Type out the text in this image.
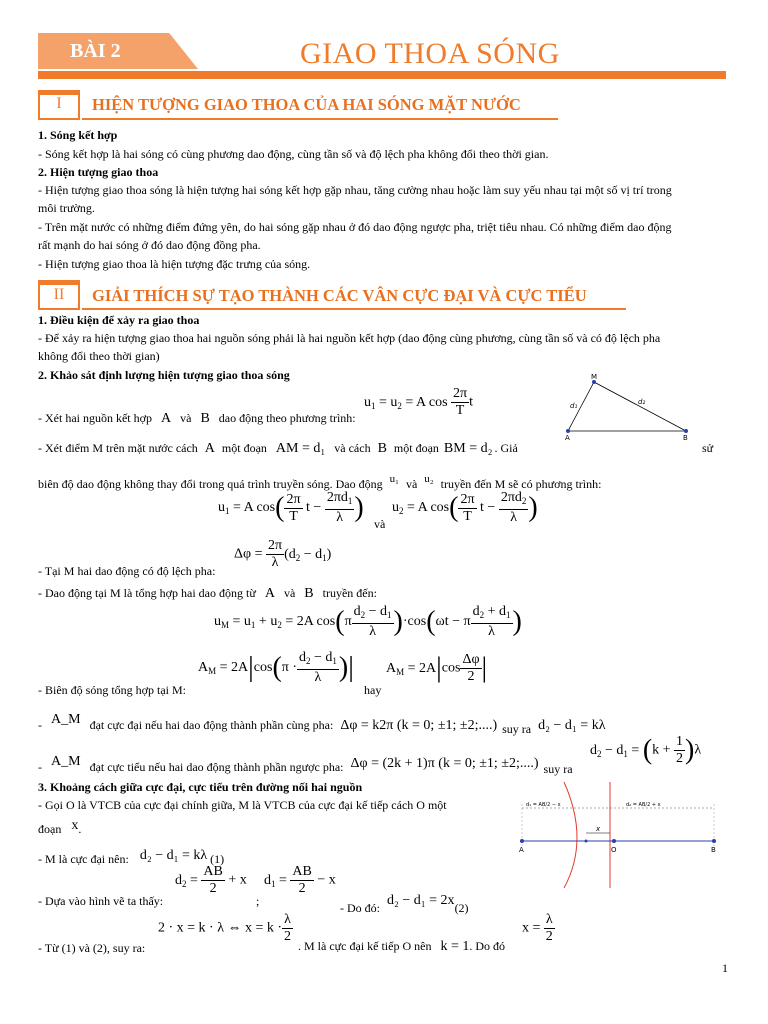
BÀI 2	GIAO THOA SÓNG
I	HIỆN TƯỢNG GIAO THOA CỦA HAI SÓNG MẶT NƯỚC
1. Sóng kết hợp
- Sóng kết hợp là hai sóng có cùng phương dao động, cùng tần số và độ lệch pha không đổi theo thời gian.
2. Hiện tượng giao thoa
- Hiện tượng giao thoa sóng là hiện tượng hai sóng kết hợp gặp nhau, tăng cường nhau hoặc làm suy yếu nhau tại một số vị trí trong
môi trường.
- Trên mặt nước có những điểm đứng yên, do hai sóng gặp nhau ở đó dao động ngược pha, triệt tiêu nhau. Có những điểm dao động
rất mạnh do hai sóng ở đó dao động đồng pha.
- Hiện tượng giao thoa là hiện tượng đặc trưng của sóng.
II	GIẢI THÍCH SỰ TẠO THÀNH CÁC VÂN CỰC ĐẠI VÀ CỰC TIỂU
1. Điều kiện để xảy ra giao thoa
- Để xảy ra hiện tượng giao thoa hai nguồn sóng phải là hai nguồn kết hợp (dao động cùng phương, cùng tần số và có độ lệch pha
không đổi theo thời gian)
2. Khảo sát định lượng hiện tượng giao thoa sóng
$u_1 = u_2 = A$ $\cos \frac{2\pi}{T}$ t
- Xét hai nguồn kết hợp A và B dao động theo phương trình:
M
A	B
d₁	d₂
- Xét điểm M trên mặt nước cách A một đoạn AM = d₁ và cách B một đoạn BM = d₂ . Giả	sử
biên độ dao động không thay đổi trong quá trình truyền sóng. Dao động u₁ và u₂ truyền đến M sẽ có phương trình:
$u_1 = A$ $\cos( \frac{2\pi}{T}$ $t - \frac{2\pi d_1}{\lambda}$ )
và
$u_2 = A$ $\cos( \frac{2\pi}{T}$ $t - \frac{2\pi d_2}{\lambda}$ )
$\Delta\varphi = \frac{2\pi}{\lambda} (d_2 - d_1)$
- Tại M hai dao động có độ lệch pha:
- Dao động tại M là tổng hợp hai dao động từ A và B truyền đến:
$u_M = u_1 + u_2 = 2A$ $\cos(\pi \frac{d_2 - d_1}{\lambda} )\cdot\cos(\omega t - \pi \frac{d_2 + d_1}{\lambda}$ )
$A_M = 2A|\cos(\pi \cdot \frac{d_2 - d_1}{\lambda}$ )|
hay
$A_M = 2A|\cos \frac{\Delta\varphi}{2}$ |
- Biên độ sóng tổng hợp tại M:
- A_M đạt cực đại nếu hai dao động thành phần cùng pha: Δφ = k2π (k = 0; ±1; ±2;....) suy ra d₂ − d₁ = kλ
- A_M đạt cực tiểu nếu hai dao động thành phần ngược pha: Δφ = (2k + 1)π (k = 0; ±1; ±2;....) suy ra
$d_2 - d_1 = (k + \frac{1}{2} )\lambda$
3. Khoảng cách giữa cực đại, cực tiểu trên đường nối hai nguồn
- Gọi O là VTCB của cực đại chính giữa, M là VTCB của cực đại kế tiếp cách O một
đoạn x.
A	O	B
x
d₁ = AB/2 − x	d₂ = AB/2 + x
- M là cực đại nên: d₂ − d₁ = kλ (1)
$d_2 = \frac{AB}{2} + x$
;
$d_1 = \frac{AB}{2} - x$
- Dựa vào hình vẽ ta thấy:	- Do đó: d₂ − d₁ = 2x(2)
2 · x = k · λ ⇔ $x = k \cdot \frac{\lambda}{2}$
- Từ (1) và (2), suy ra:	. M là cực đại kế tiếp O nên k = 1. Do đó
$x = \frac{\lambda}{2}$
1
